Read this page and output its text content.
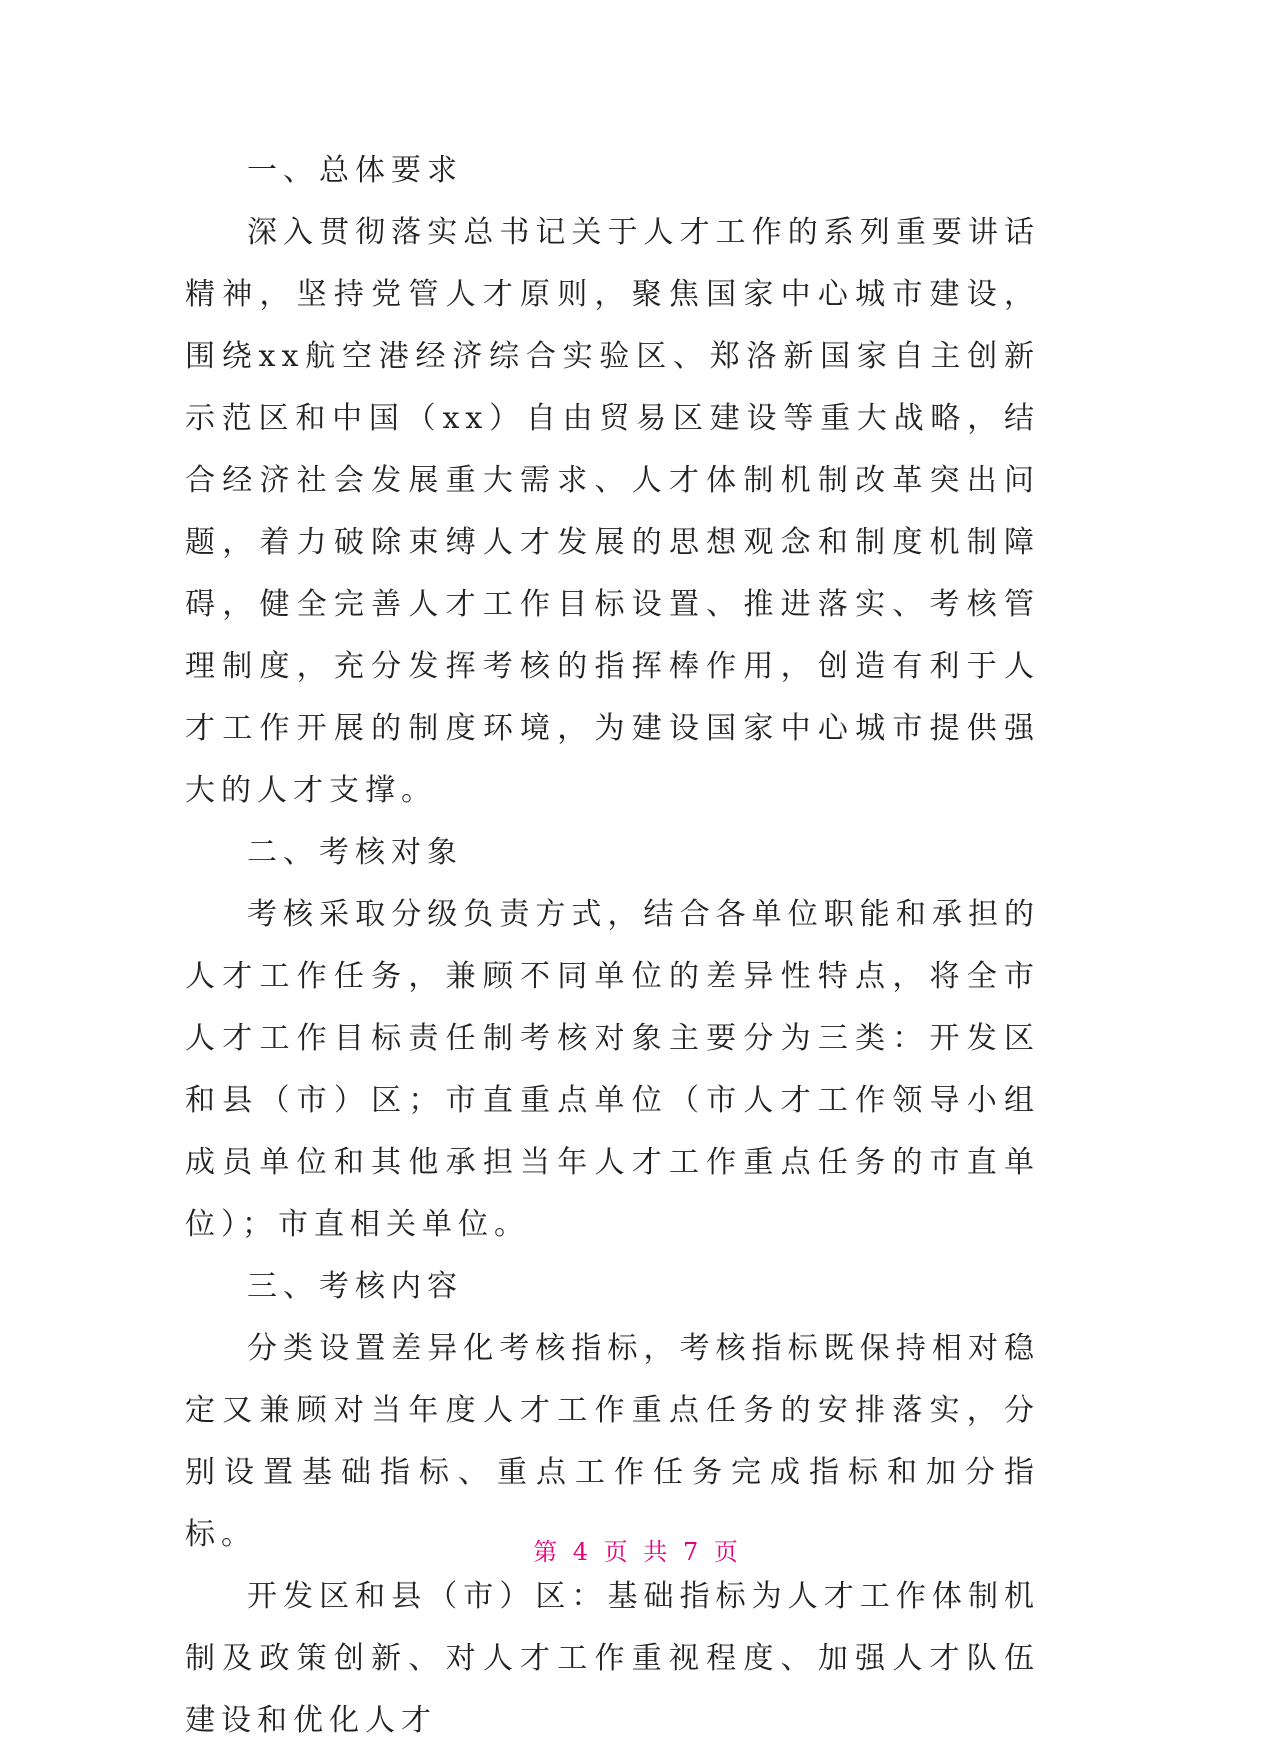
一、总体要求

深入贯彻落实总书记关于人才工作的系列重要讲话精神，坚持党管人才原则，聚焦国家中心城市建设，围绕xx航空港经济综合实验区、郑洛新国家自主创新示范区和中国（xx）自由贸易区建设等重大战略，结合经济社会发展重大需求、人才体制机制改革突出问题，着力破除束缚人才发展的思想观念和制度机制障碍，健全完善人才工作目标设置、推进落实、考核管理制度，充分发挥考核的指挥棒作用，创造有利于人才工作开展的制度环境，为建设国家中心城市提供强大的人才支撑。

二、考核对象

考核采取分级负责方式，结合各单位职能和承担的人才工作任务，兼顾不同单位的差异性特点，将全市人才工作目标责任制考核对象主要分为三类：开发区和县（市）区；市直重点单位（市人才工作领导小组成员单位和其他承担当年人才工作重点任务的市直单位）；市直相关单位。

三、考核内容

分类设置差异化考核指标，考核指标既保持相对稳定又兼顾对当年度人才工作重点任务的安排落实，分别设置基础指标、重点工作任务完成指标和加分指标。

开发区和县（市）区：基础指标为人才工作体制机制及政策创新、对人才工作重视程度、加强人才队伍建设和优化人才

第 4 页 共 7 页
